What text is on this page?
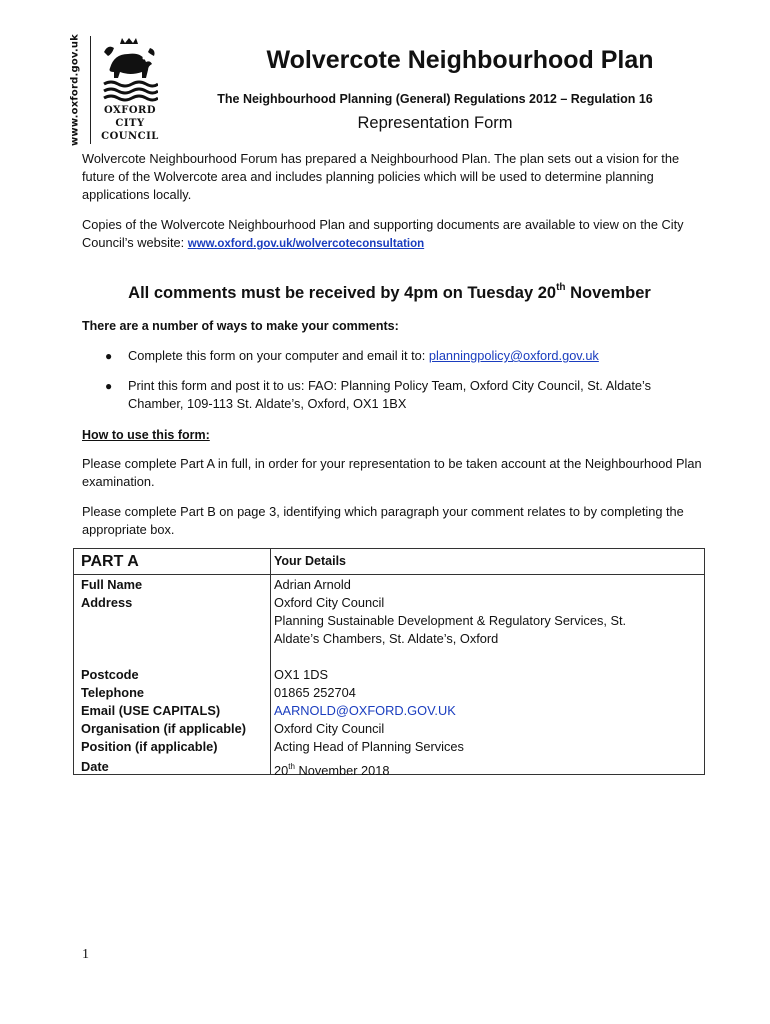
www.oxford.gov.uk	OXFORD
CITY
COUNCIL
Wolvercote Neighbourhood Plan
The Neighbourhood Planning (General) Regulations 2012 – Regulation 16
Representation Form
Wolvercote Neighbourhood Forum has prepared a Neighbourhood Plan. The plan sets out a vision for the future of the Wolvercote area and includes planning policies which will be used to determine planning applications locally.
Copies of the Wolvercote Neighbourhood Plan and supporting documents are available to view on the City Council’s website: www.oxford.gov.uk/wolvercoteconsultation
All comments must be received by 4pm on Tuesday 20th November
There are a number of ways to make your comments:
● Complete this form on your computer and email it to: planningpolicy@oxford.gov.uk
● Print this form and post it to us: FAO: Planning Policy Team, Oxford City Council, St. Aldate’s Chamber, 109-113 St. Aldate’s, Oxford, OX1 1BX
How to use this form:
Please complete Part A in full, in order for your representation to be taken account at the Neighbourhood Plan examination.
Please complete Part B on page 3, identifying which paragraph your comment relates to by completing the appropriate box.
PART A	Your Details
Full Name	Adrian Arnold
Address	Oxford City Council
Planning Sustainable Development & Regulatory Services, St.
Aldate’s Chambers, St. Aldate’s, Oxford
Postcode	OX1 1DS
Telephone	01865 252704
Email (USE CAPITALS)	AARNOLD@OXFORD.GOV.UK
Organisation (if applicable) Oxford City Council
Position (if applicable)	Acting Head of Planning Services
Date	20th November 2018
1
